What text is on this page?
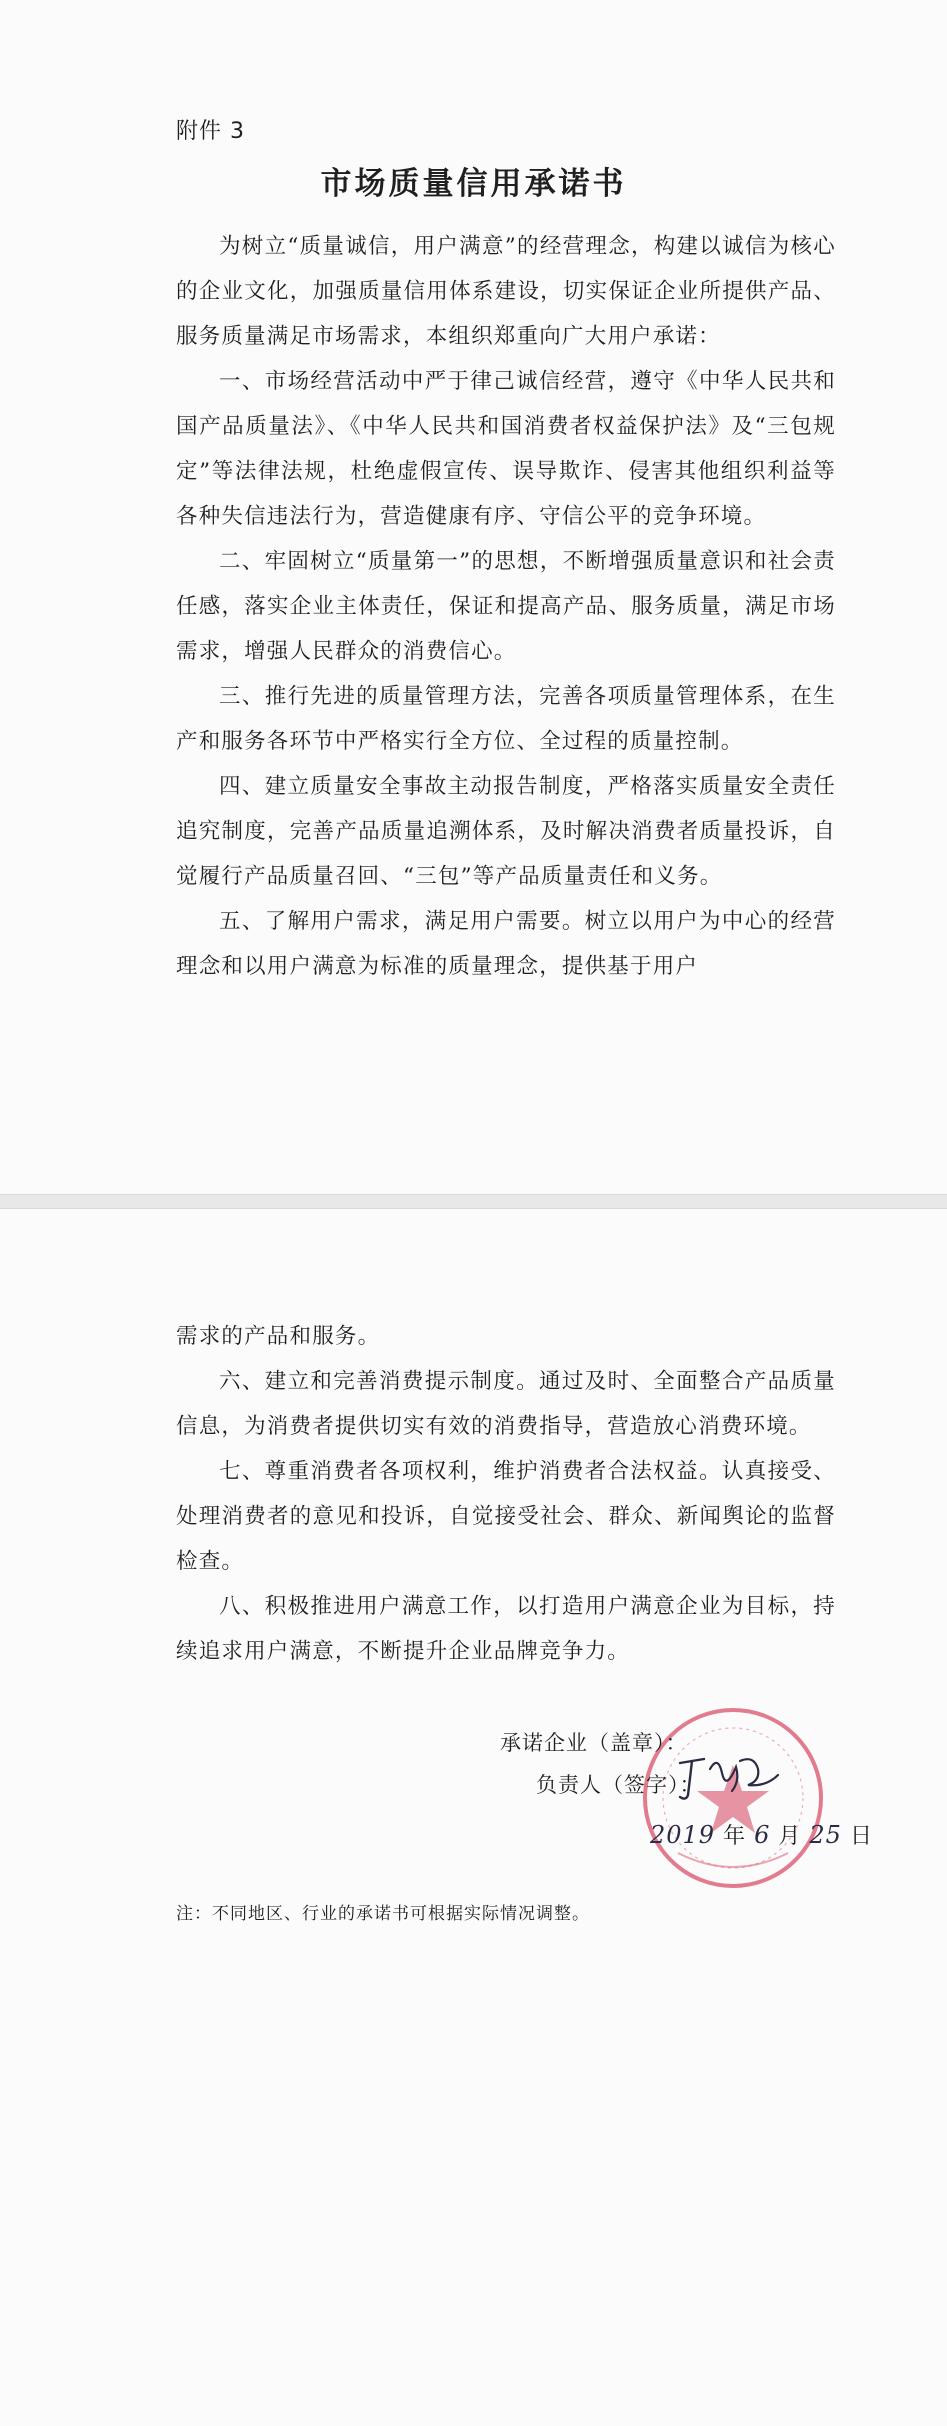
附件 3
市场质量信用承诺书

为树立“质量诚信，用户满意”的经营理念，构建以诚信为核心的企业文化，加强质量信用体系建设，切实保证企业所提供产品、服务质量满足市场需求，本组织郑重向广大用户承诺：

一、市场经营活动中严于律己诚信经营，遵守《中华人民共和国产品质量法》、《中华人民共和国消费者权益保护法》及“三包规定”等法律法规，杜绝虚假宣传、误导欺诈、侵害其他组织利益等各种失信违法行为，营造健康有序、守信公平的竞争环境。

二、牢固树立“质量第一”的思想，不断增强质量意识和社会责任感，落实企业主体责任，保证和提高产品、服务质量，满足市场需求，增强人民群众的消费信心。

三、推行先进的质量管理方法，完善各项质量管理体系，在生产和服务各环节中严格实行全方位、全过程的质量控制。

四、建立质量安全事故主动报告制度，严格落实质量安全责任追究制度，完善产品质量追溯体系，及时解决消费者质量投诉，自觉履行产品质量召回、“三包”等产品质量责任和义务。

五、了解用户需求，满足用户需要。树立以用户为中心的经营理念和以用户满意为标准的质量理念，提供基于用户

需求的产品和服务。

六、建立和完善消费提示制度。通过及时、全面整合产品质量信息，为消费者提供切实有效的消费指导，营造放心消费环境。

七、尊重消费者各项权利，维护消费者合法权益。认真接受、处理消费者的意见和投诉，自觉接受社会、群众、新闻舆论的监督检查。

八、积极推进用户满意工作，以打造用户满意企业为目标，持续追求用户满意，不断提升企业品牌竞争力。

承诺企业（盖章）：
负责人（签字）：
2019 年 6 月 25 日
注：不同地区、行业的承诺书可根据实际情况调整。
